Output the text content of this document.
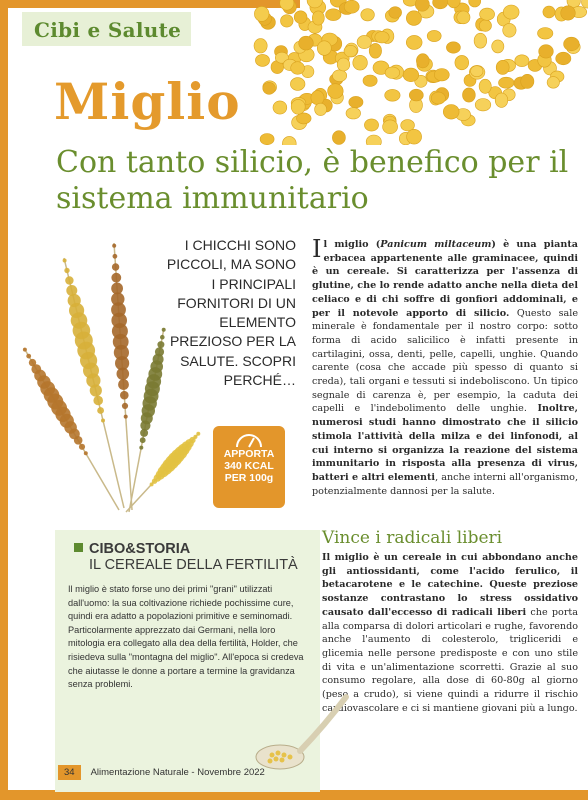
Cibi e Salute
Miglio
Con tanto silicio, è benefico per il sistema immunitario
I CHICCHI SONO PICCOLI, MA SONO I PRINCIPALI FORNITORI DI UN ELEMENTO PREZIOSO PER LA SALUTE. SCOPRI PERCHÉ…
APPORTA
340 KCAL
PER 100g
Il miglio (Panicum miltaceum) è una pianta erbacea appartenente alle graminacee, quindi è un cereale. Si caratterizza per l'assenza di glutine, che lo rende adatto anche nella dieta del celiaco e di chi soffre di gonfiori addominali, e per il notevole apporto di silicio. Questo sale minerale è fondamentale per il nostro corpo: sotto forma di acido salicilico è infatti presente in cartilagini, ossa, denti, pelle, capelli, unghie. Quando carente (cosa che accade più spesso di quanto si creda), tali organi e tessuti si indeboliscono. Un tipico segnale di carenza è, per esempio, la caduta dei capelli e l'indebolimento delle unghie. Inoltre, numerosi studi hanno dimostrato che il silicio stimola l'attività della milza e dei linfonodi, al cui interno si organizza la reazione del sistema immunitario in risposta alla presenza di virus, batteri e altri elementi, anche interni all'organismo, potenzialmente dannosi per la salute.
Vince i radicali liberi
Il miglio è un cereale in cui abbondano anche gli antiossidanti, come l'acido ferulico, il betacarotene e le catechine. Queste preziose sostanze contrastano lo stress ossidativo causato dall'eccesso di radicali liberi che porta alla comparsa di dolori articolari e rughe, favorendo anche l'aumento di colesterolo, trigliceridi e glicemia nelle persone predisposte e con uno stile di vita e un'alimentazione scorretti. Grazie al suo consumo regolare, alla dose di 60-80g al giorno (peso a crudo), si viene quindi a ridurre il rischio cardiovascolare e ci si mantiene giovani più a lungo.
CIBO&STORIA
IL CEREALE DELLA FERTILITÀ
Il miglio è stato forse uno dei primi "grani" utilizzati dall'uomo: la sua coltivazione richiede pochissime cure, quindi era adatto a popolazioni primitive e seminomadi. Particolarmente apprezzato dai Germani, nella loro mitologia era collegato alla dea della fertilità, Holder, che risiedeva sulla "montagna del miglio". All'epoca si credeva che aiutasse le donne a portare a termine la gravidanza senza problemi.
34 Alimentazione Naturale - Novembre 2022
